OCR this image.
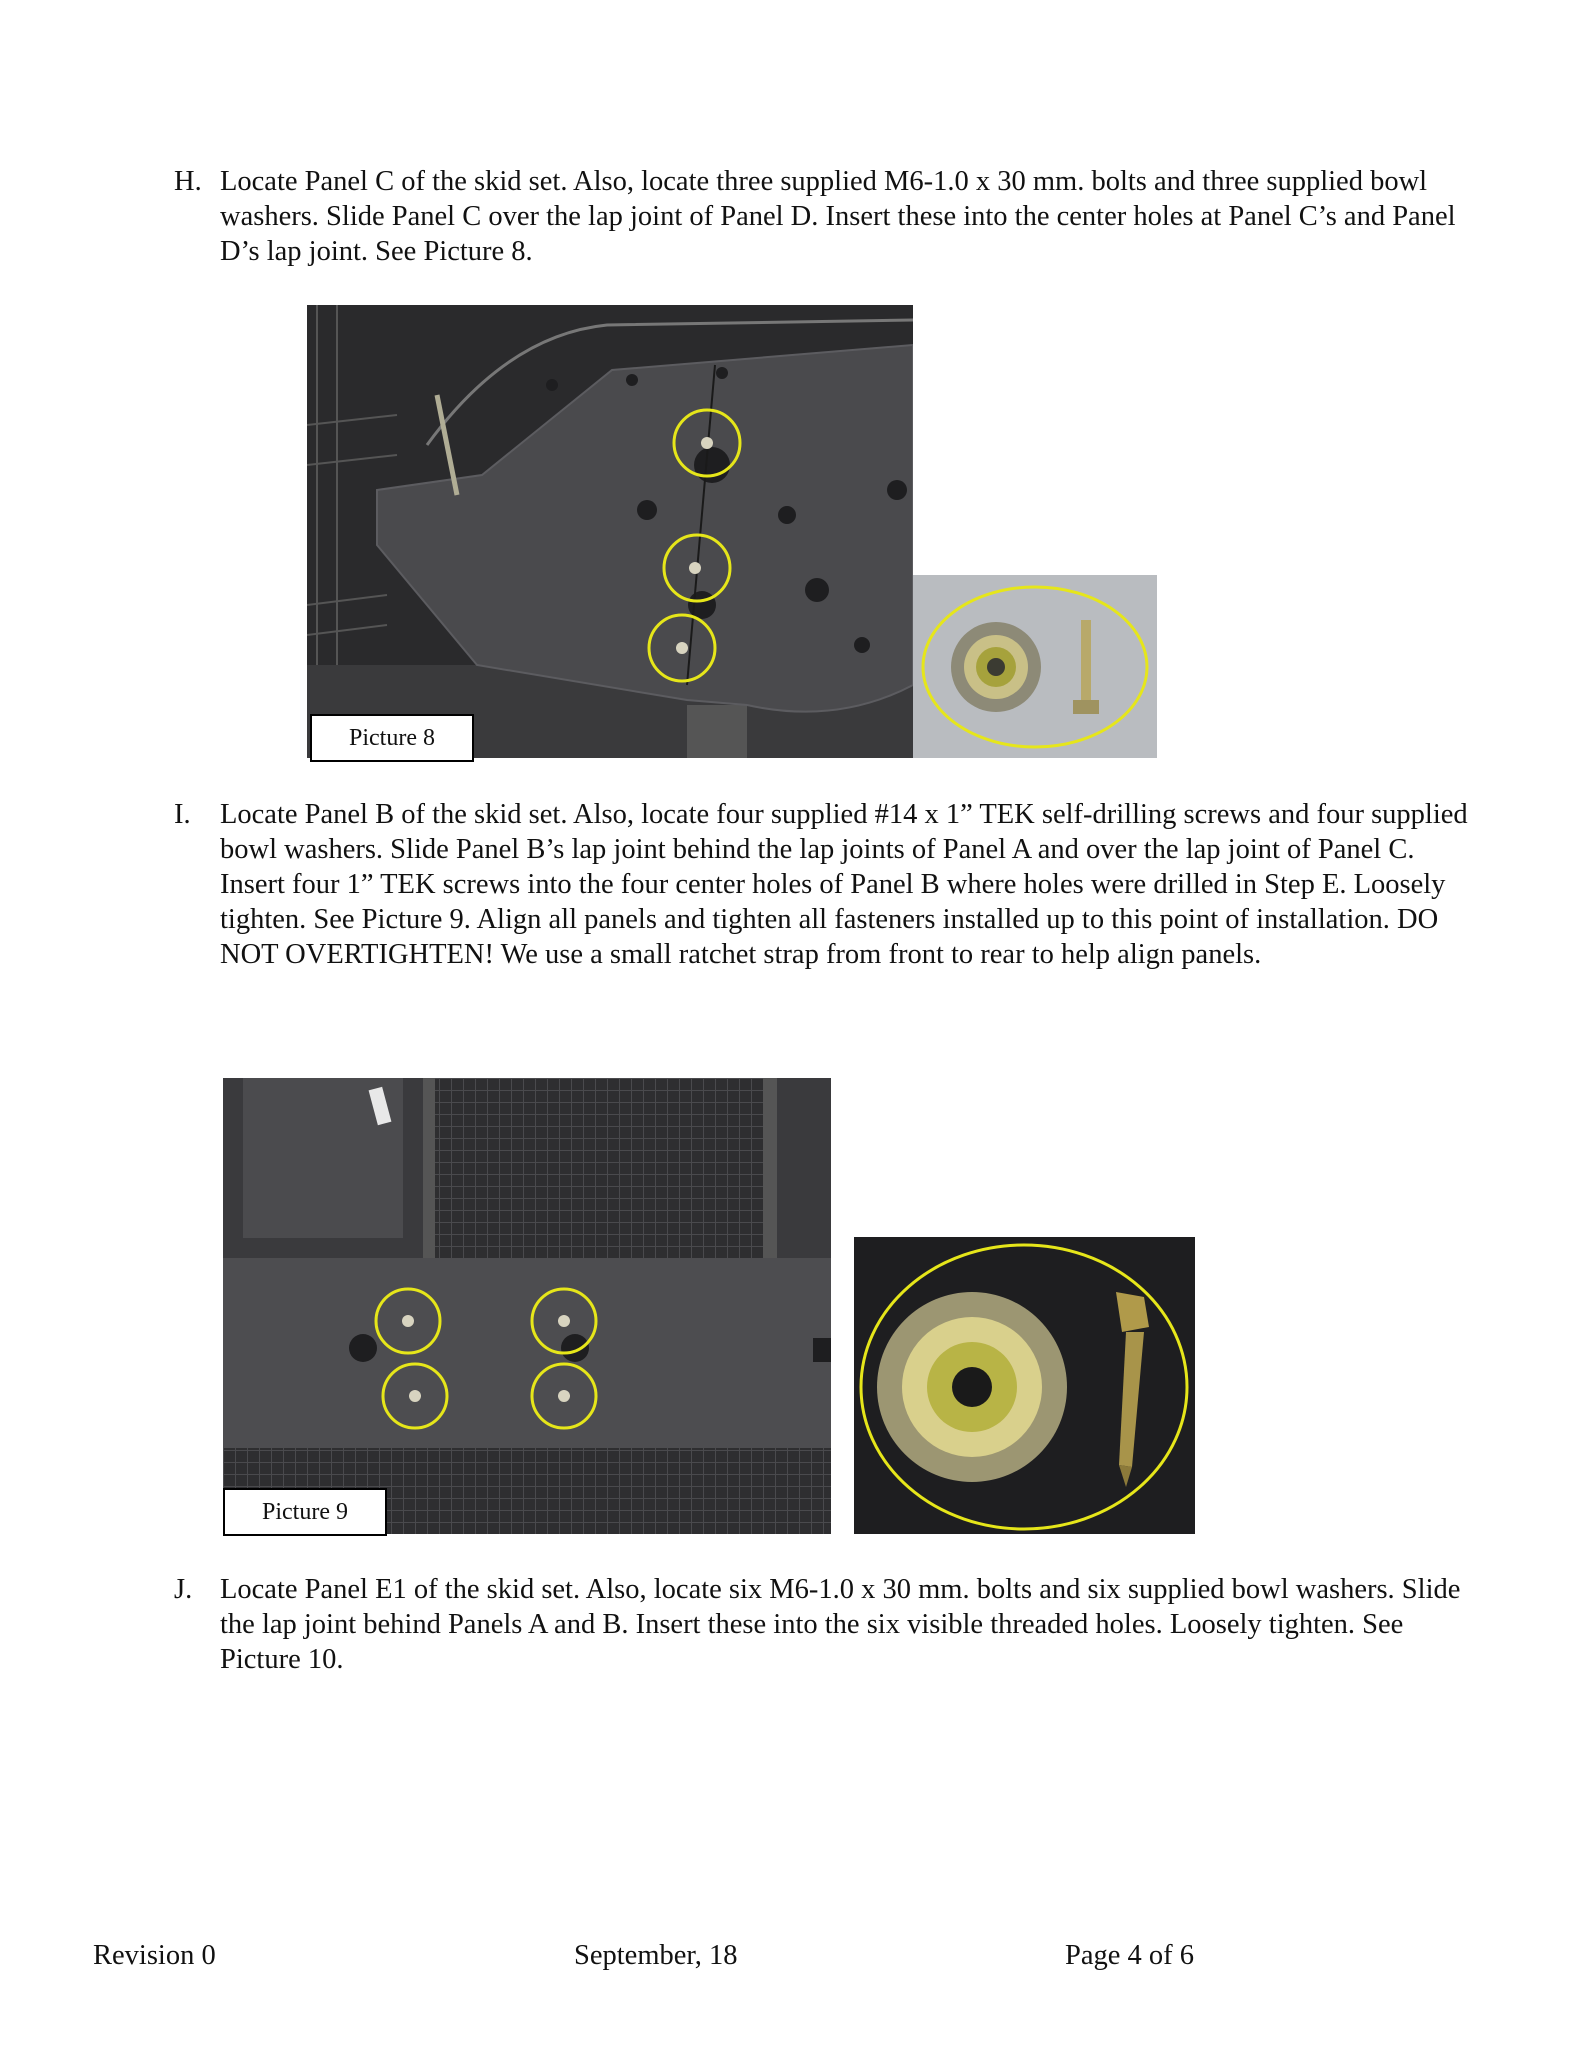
H. Locate Panel C of the skid set. Also, locate three supplied M6-1.0 x 30 mm. bolts and three supplied bowl washers. Slide Panel C over the lap joint of Panel D. Insert these into the center holes at Panel C’s and Panel D’s lap joint. See Picture 8.
Picture 8
I. Locate Panel B of the skid set. Also, locate four supplied #14 x 1” TEK self-drilling screws and four supplied bowl washers. Slide Panel B’s lap joint behind the lap joints of Panel A and over the lap joint of Panel C. Insert four 1” TEK screws into the four center holes of Panel B where holes were drilled in Step E. Loosely tighten. See Picture 9. Align all panels and tighten all fasteners installed up to this point of installation. DO NOT OVERTIGHTEN! We use a small ratchet strap from front to rear to help align panels.
Picture 9
J. Locate Panel E1 of the skid set. Also, locate six M6-1.0 x 30 mm. bolts and six supplied bowl washers. Slide the lap joint behind Panels A and B. Insert these into the six visible threaded holes. Loosely tighten. See Picture 10.
Revision 0	September, 18	Page 4 of 6
